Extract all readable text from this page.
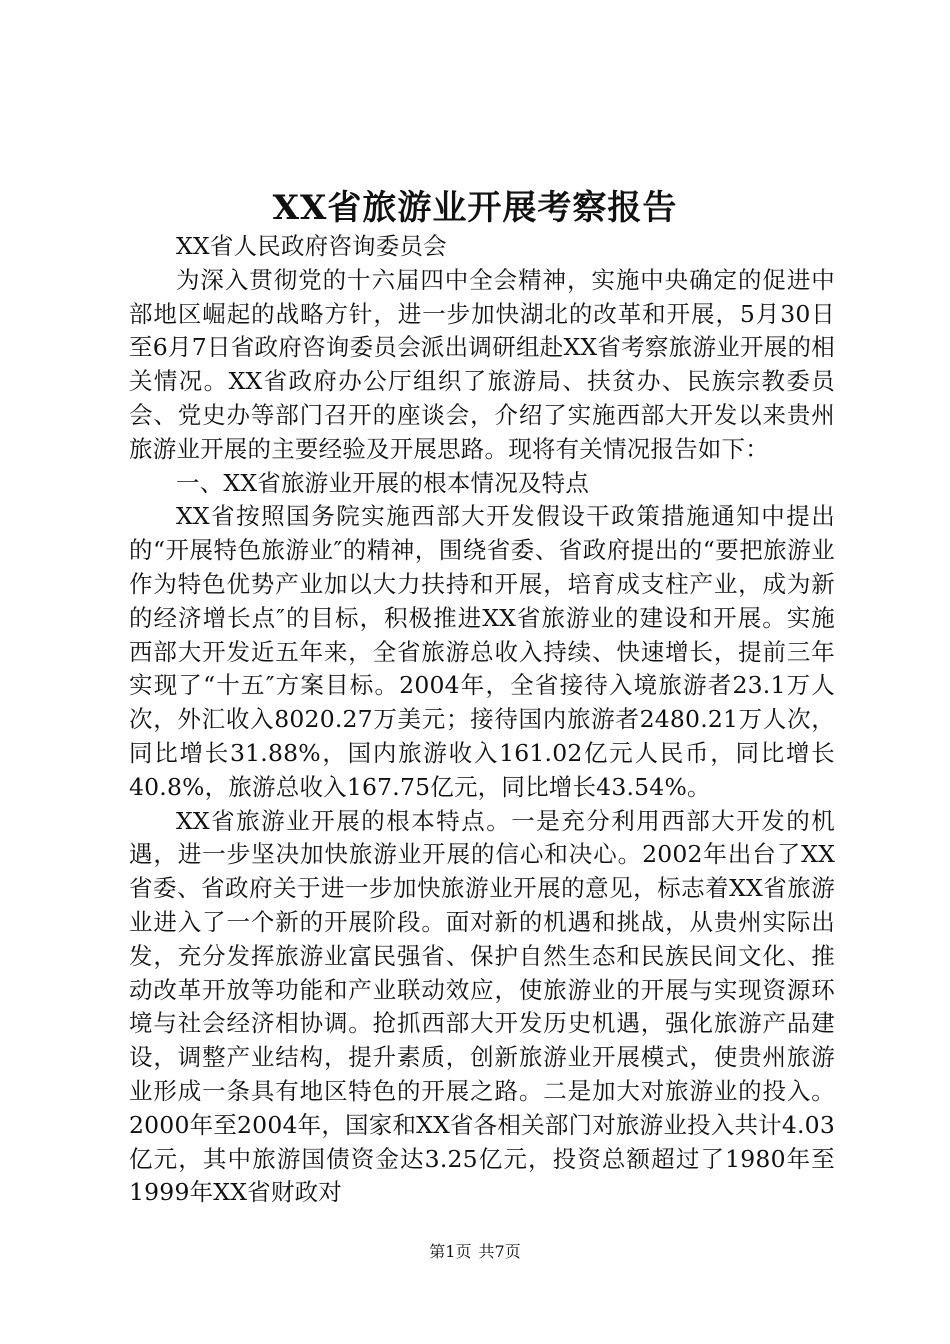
XX省旅游业开展考察报告

XX省人民政府咨询委员会

为深入贯彻党的十六届四中全会精神，实施中央确定的促进中部地区崛起的战略方针，进一步加快湖北的改革和开展，5月30日至6月7日省政府咨询委员会派出调研组赴XX省考察旅游业开展的相关情况。XX省政府办公厅组织了旅游局、扶贫办、民族宗教委员会、党史办等部门召开的座谈会，介绍了实施西部大开发以来贵州旅游业开展的主要经验及开展思路。现将有关情况报告如下：

一、XX省旅游业开展的根本情况及特点

XX省按照国务院实施西部大开发假设干政策措施通知中提出的“开展特色旅游业″的精神，围绕省委、省政府提出的“要把旅游业作为特色优势产业加以大力扶持和开展，培育成支柱产业，成为新的经济增长点″的目标，积极推进XX省旅游业的建设和开展。实施西部大开发近五年来，全省旅游总收入持续、快速增长，提前三年实现了“十五″方案目标。2004年，全省接待入境旅游者23.1万人次，外汇收入8020.27万美元；接待国内旅游者2480.21万人次，同比增长31.88%，国内旅游收入161.02亿元人民币，同比增长40.8%，旅游总收入167.75亿元，同比增长43.54%。

XX省旅游业开展的根本特点。一是充分利用西部大开发的机遇，进一步坚决加快旅游业开展的信心和决心。2002年出台了XX省委、省政府关于进一步加快旅游业开展的意见，标志着XX省旅游业进入了一个新的开展阶段。面对新的机遇和挑战，从贵州实际出发，充分发挥旅游业富民强省、保护自然生态和民族民间文化、推动改革开放等功能和产业联动效应，使旅游业的开展与实现资源环境与社会经济相协调。抢抓西部大开发历史机遇，强化旅游产品建设，调整产业结构，提升素质，创新旅游业开展模式，使贵州旅游业形成一条具有地区特色的开展之路。二是加大对旅游业的投入。2000年至2004年，国家和XX省各相关部门对旅游业投入共计4.03亿元，其中旅游国债资金达3.25亿元，投资总额超过了1980年至1999年XX省财政对

第1页 共7页
